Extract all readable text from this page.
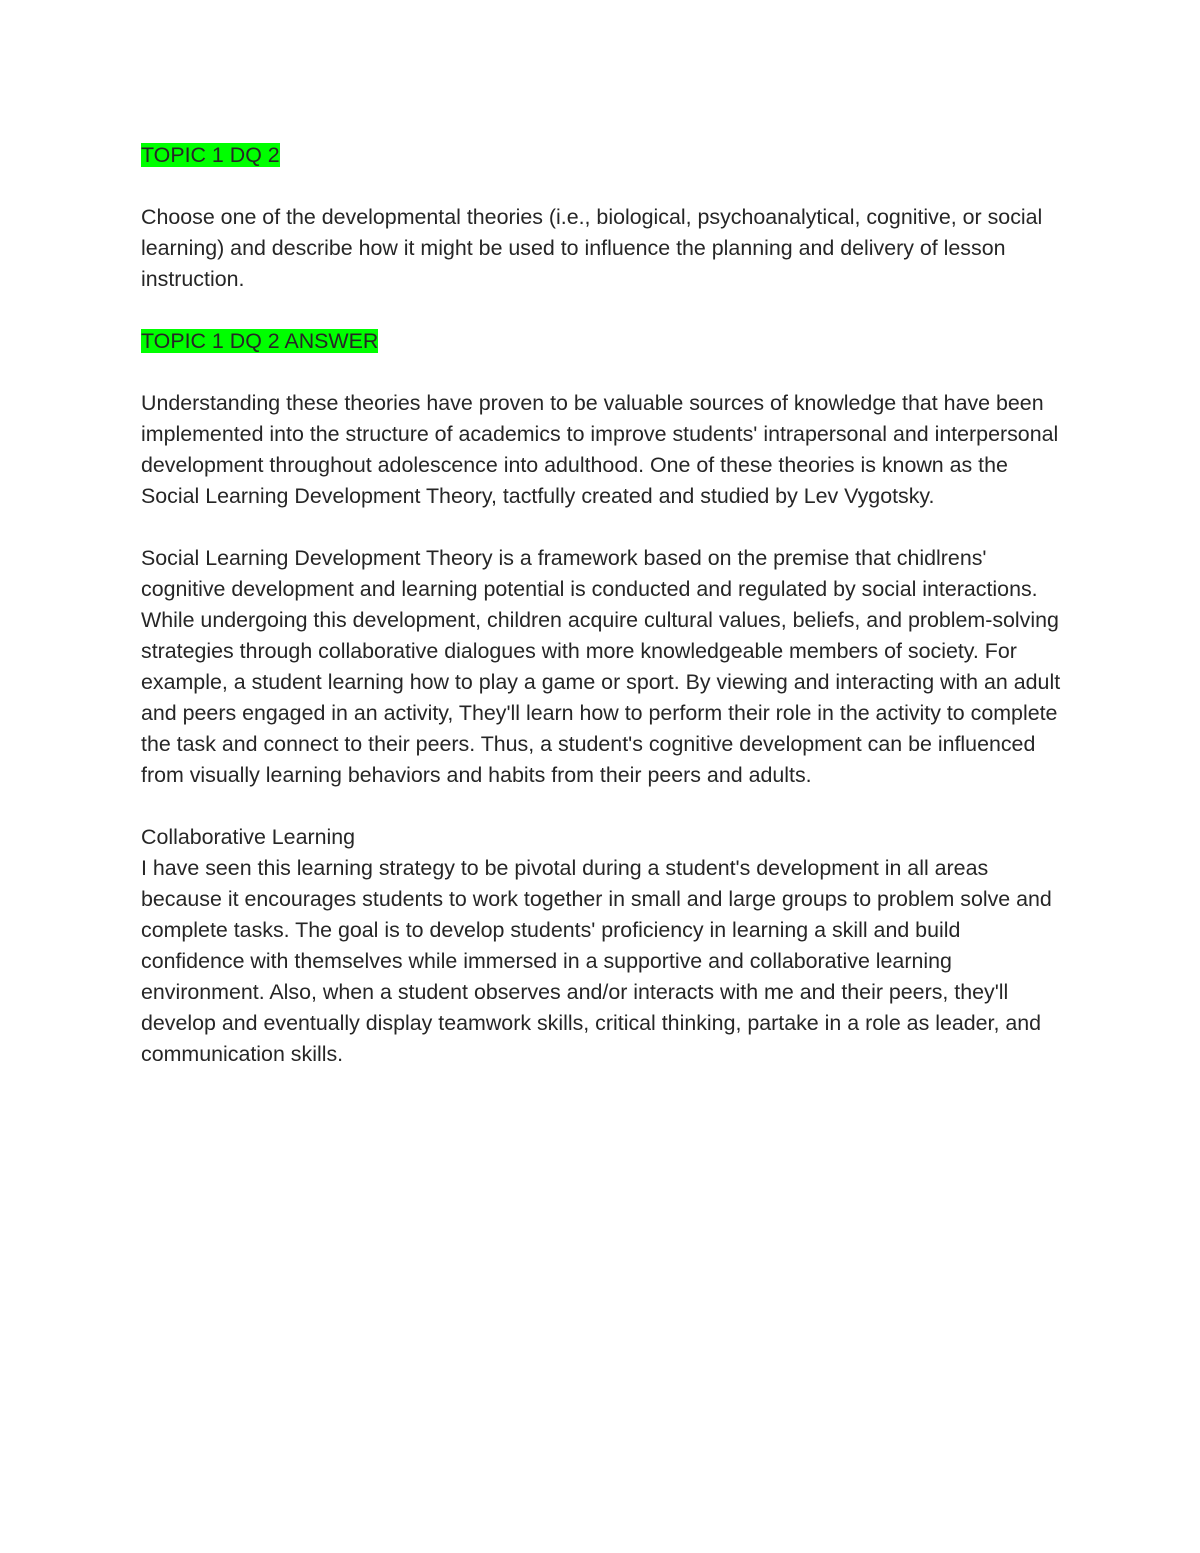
TOPIC 1 DQ 2

Choose one of the developmental theories (i.e., biological, psychoanalytical, cognitive, or social learning) and describe how it might be used to influence the planning and delivery of lesson instruction.

TOPIC 1 DQ 2 ANSWER

Understanding these theories have proven to be valuable sources of knowledge that have been implemented into the structure of academics to improve students' intrapersonal and interpersonal development throughout adolescence into adulthood. One of these theories is known as the Social Learning Development Theory, tactfully created and studied by Lev Vygotsky.

Social Learning Development Theory is a framework based on the premise that chidlrens' cognitive development and learning potential is conducted and regulated by social interactions. While undergoing this development, children acquire cultural values, beliefs, and problem-solving strategies through collaborative dialogues with more knowledgeable members of society. For example, a student learning how to play a game or sport. By viewing and interacting with an adult and peers engaged in an activity, They'll learn how to perform their role in the activity to complete the task and connect to their peers. Thus, a student's cognitive development can be influenced from visually learning behaviors and habits from their peers and adults.

Collaborative Learning

I have seen this learning strategy to be pivotal during a student's development in all areas because it encourages students to work together in small and large groups to problem solve and complete tasks. The goal is to develop students' proficiency in learning a skill and build confidence with themselves while immersed in a supportive and collaborative learning environment. Also, when a student observes and/or interacts with me and their peers, they'll develop and eventually display teamwork skills, critical thinking, partake in a role as leader, and communication skills.
